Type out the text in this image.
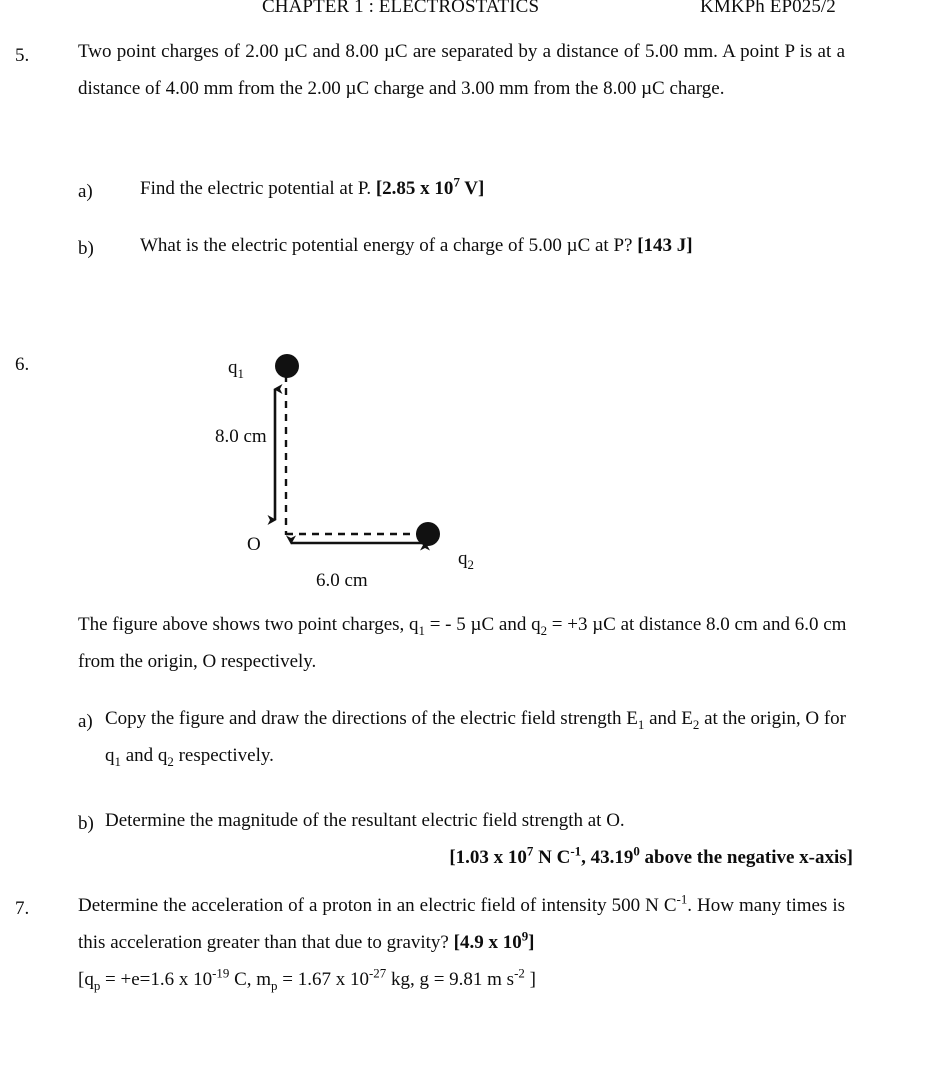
CHAPTER 1 : ELECTROSTATICS	KMKPh EP025/2
5.	Two point charges of 2.00 µC and 8.00 µC are separated by a distance of 5.00 mm. A point P is at a distance of 4.00 mm from the 2.00 µC charge and 3.00 mm from the 8.00 µC charge.
a) Find the electric potential at P. [2.85 x $10^7$ V]
b) What is the electric potential energy of a charge of 5.00 µC at P? [143 J]
6.	$q_1$
$q_2$
O
8.0 cm
6.0 cm
The figure above shows two point charges, $q_1$ = - 5 µC and $q_2 = +3$ µC at distance 8.0 cm and 6.0 cm from the origin, O respectively.
a) Copy the figure and draw the directions of the electric field strength $E_1$ and $E_2$ at the origin, O for $q_1$ and $q_2$ respectively.
b) Determine the magnitude of the resultant electric field strength at O.
[1.03 x $10^7$ N $C^{-1}$, 43.19$^0$ above the negative x-axis]
7.	Determine the acceleration of a proton in an electric field of intensity 500 N $C^{-1}$. How many times is this acceleration greater than that due to gravity? [4.9 x $10^9$]
[$q_p = +e=1.6$ x $10^{-19}$ C, $m_p = 1.67$ x $10^{-27}$ kg, g = 9.81 m $s^{-2}$ ]
